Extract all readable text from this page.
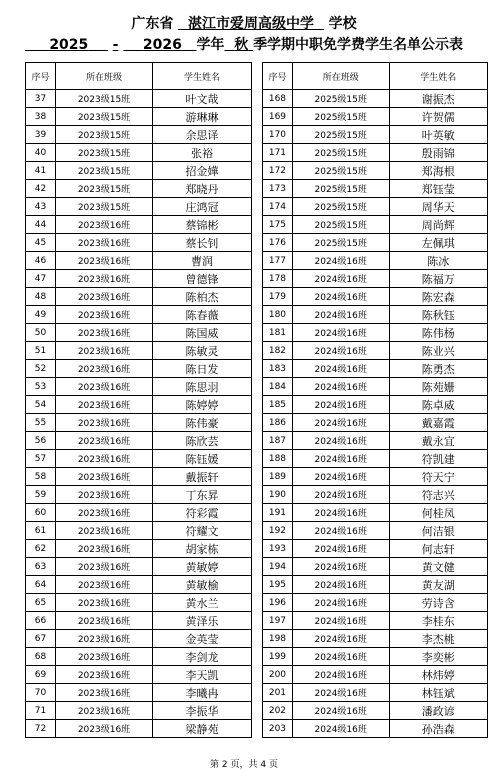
广东省 湛江市爱周高级中学 学校
2025 - 2026 学年 秋 季学期中职免学费学生名单公示表
序号	所在班级	学生姓名
37	2023级15班	叶文哉
38	2023级15班	游琳琳
39	2023级15班	余思译
40	2023级15班	张裕
41	2023级15班	招金嬅
42	2023级15班	郑晓丹
43	2023级15班	庄鸿冠
44	2023级16班	蔡锦彬
45	2023级16班	蔡长钊
46	2023级16班	曹润
47	2023级16班	曾德锋
48	2023级16班	陈柏杰
49	2023级16班	陈春薇
50	2023级16班	陈国威
51	2023级16班	陈敏灵
52	2023级16班	陈日发
53	2023级16班	陈思羽
54	2023级16班	陈婷婷
55	2023级16班	陈伟豪
56	2023级16班	陈欣芸
57	2023级16班	陈钰媛
58	2023级16班	戴振轩
59	2023级16班	丁东昇
60	2023级16班	符彩霞
61	2023级16班	符耀文
62	2023级16班	胡家栋
63	2023级16班	黄敏婷
64	2023级16班	黄敏榆
65	2023级16班	黄水兰
66	2023级16班	黄泽乐
67	2023级16班	金英莹
68	2023级16班	李剑龙
69	2023级16班	李天凯
70	2023级16班	李曦冉
71	2023级16班	李振华
72	2023级16班	梁静苑
序号	所在班级	学生姓名
168	2025级15班	谢振杰
169	2025级15班	许贺儒
170	2025级15班	叶英敏
171	2025级15班	殷雨锦
172	2025级15班	郑海根
173	2025级15班	郑钰莹
174	2025级15班	周华天
175	2025级15班	周尚辉
176	2025级15班	左佩琪
177	2024级16班	陈冰
178	2024级16班	陈福万
179	2024级16班	陈宏森
180	2024级16班	陈秋钰
181	2024级16班	陈伟杨
182	2024级16班	陈业兴
183	2024级16班	陈勇杰
184	2024级16班	陈苑姗
185	2024级16班	陈卓威
186	2024级16班	戴嘉霞
187	2024级16班	戴永宜
188	2024级16班	符凯建
189	2024级16班	符天宁
190	2024级16班	符志兴
191	2024级16班	何桂凤
192	2024级16班	何洁银
193	2024级16班	何志轩
194	2024级16班	黄文健
195	2024级16班	黄友湖
196	2024级16班	劳诗含
197	2024级16班	李桂东
198	2024级16班	李杰桃
199	2024级16班	李奕彬
200	2024级16班	林炜婷
201	2024级16班	林钰斌
202	2024级16班	潘政谚
203	2024级16班	孙浩森
第 2 页，共 4 页
